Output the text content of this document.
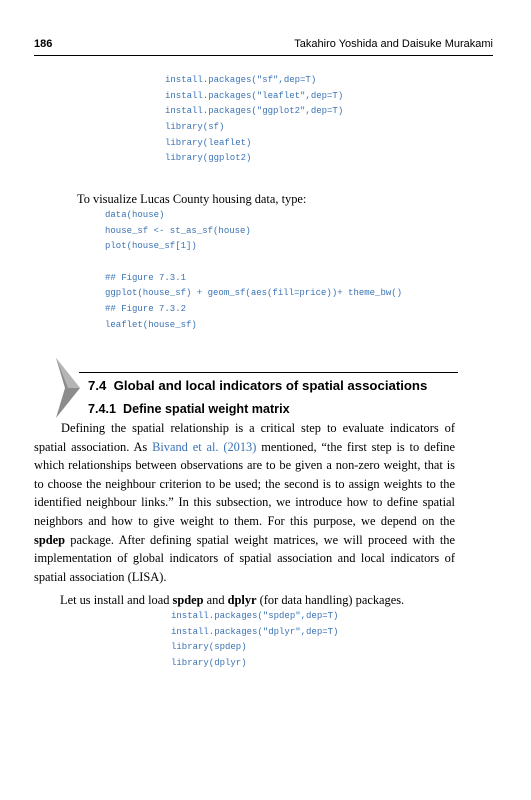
186	Takahiro Yoshida and Daisuke Murakami
install.packages("sf",dep=T)
install.packages("leaflet",dep=T)
install.packages("ggplot2",dep=T)
library(sf)
library(leaflet)
library(ggplot2)
To visualize Lucas County housing data, type:
data(house)
house_sf <- st_as_sf(house)
plot(house_sf[1])
## Figure 7.3.1
ggplot(house_sf) + geom_sf(aes(fill=price))+ theme_bw()
## Figure 7.3.2
leaflet(house_sf)
7.4 Global and local indicators of spatial associations
7.4.1 Define spatial weight matrix
Defining the spatial relationship is a critical step to evaluate indicators of spatial association. As Bivand et al. (2013) mentioned, “the first step is to define which relationships between observations are to be given a non-zero weight, that is to choose the neighbour criterion to be used; the second is to assign weights to the identified neighbour links.” In this subsection, we introduce how to define spatial neighbors and how to give weight to them. For this purpose, we depend on the spdep package. After defining spatial weight matrices, we will proceed with the implementation of global indicators of spatial association and local indicators of spatial association (LISA).
Let us install and load spdep and dplyr (for data handling) packages.
install.packages("spdep",dep=T)
install.packages("dplyr",dep=T)
library(spdep)
library(dplyr)
